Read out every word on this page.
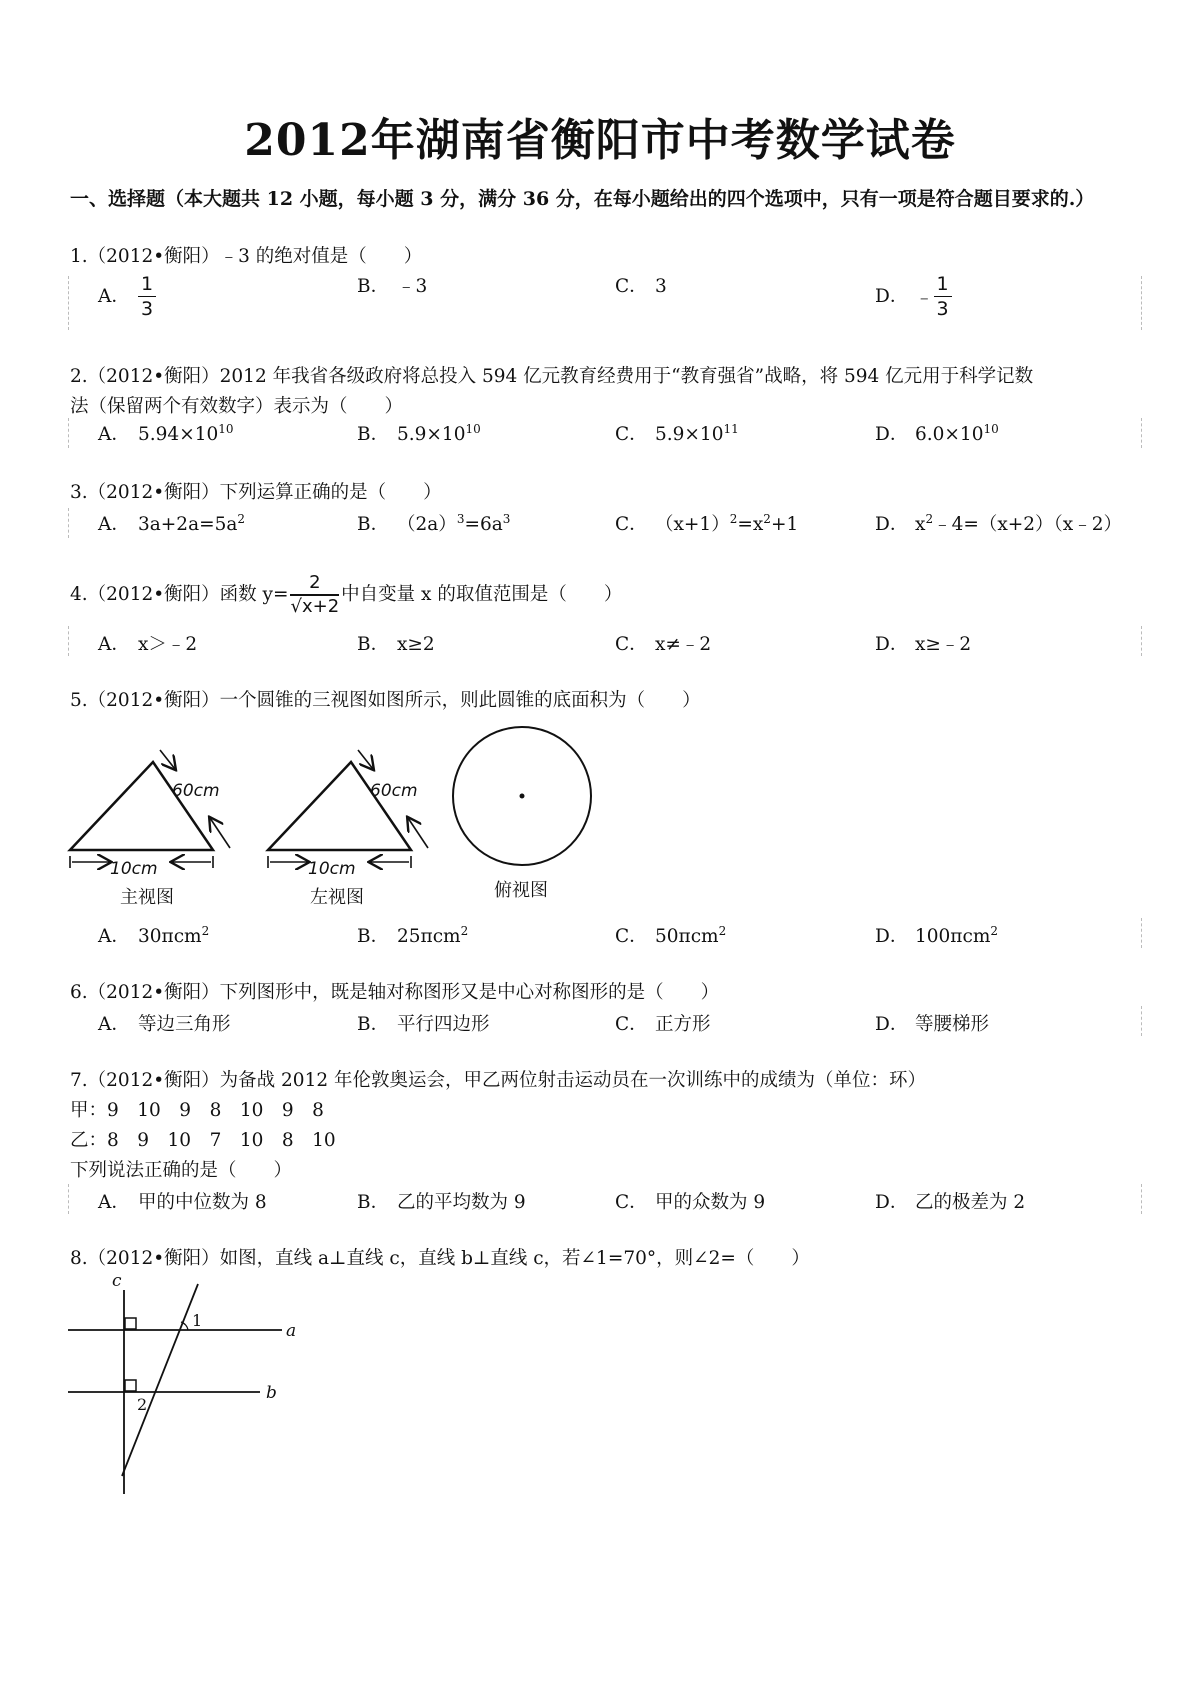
2012年湖南省衡阳市中考数学试卷
一、选择题（本大题共 12 小题，每小题 3 分，满分 36 分，在每小题给出的四个选项中，只有一项是符合题目要求的.）
1.（2012•衡阳）﹣3 的绝对值是（　　）
A． $\frac{1}{3}$	B． ﹣3	C． 3	D． ﹣ $\frac{1}{3}$
2.（2012•衡阳）2012 年我省各级政府将总投入 594 亿元教育经费用于“教育强省”战略，将 594 亿元用于科学记数
法（保留两个有效数字）表示为（　　）
A． $5.94\times 10^{10}$	B． $5.9\times 10^{10}$	C． $5.9\times 10^{11}$	D． $6.0\times 10^{10}$
3.（2012•衡阳）下列运算正确的是（　　）
A． $3a+2a=5a^2$	B． $(2a)^3=6a^3$	C． $(x+1)^2=x^2+1$	D． $x^2﹣4=(x+2)(x﹣2)$
4.（2012•衡阳）函数 $y= \frac{2}{√x+2}$ 中自变量 x 的取值范围是（　　）
A． x＞﹣2	B． x≥2	C． x≠﹣2	D． x≥﹣2
5.（2012•衡阳）一个圆锥的三视图如图所示，则此圆锥的底面积为（　　）
60cm
10cm
主视图
60cm
10cm
左视图	俯视图
A． 30πcm$^2$	B． 25πcm$^2$	C． 50πcm$^2$	D． 100πcm$^2$
6.（2012•衡阳）下列图形中，既是轴对称图形又是中心对称图形的是（　　）
A． 等边三角形	B． 平行四边形	C． 正方形	D． 等腰梯形
7.（2012•衡阳）为备战 2012 年伦敦奥运会，甲乙两位射击运动员在一次训练中的成绩为（单位：环）
甲：9　10　9　8　10　9　8
乙：8　9　10　7　10　8　10
下列说法正确的是（　　）
A． 甲的中位数为 8	B． 乙的平均数为 9	C． 甲的众数为 9	D． 乙的极差为 2
8.（2012•衡阳）如图，直线 a⊥直线 c，直线 b⊥直线 c，若∠1=70°，则∠2=（　　）
c
a
b
1
2
